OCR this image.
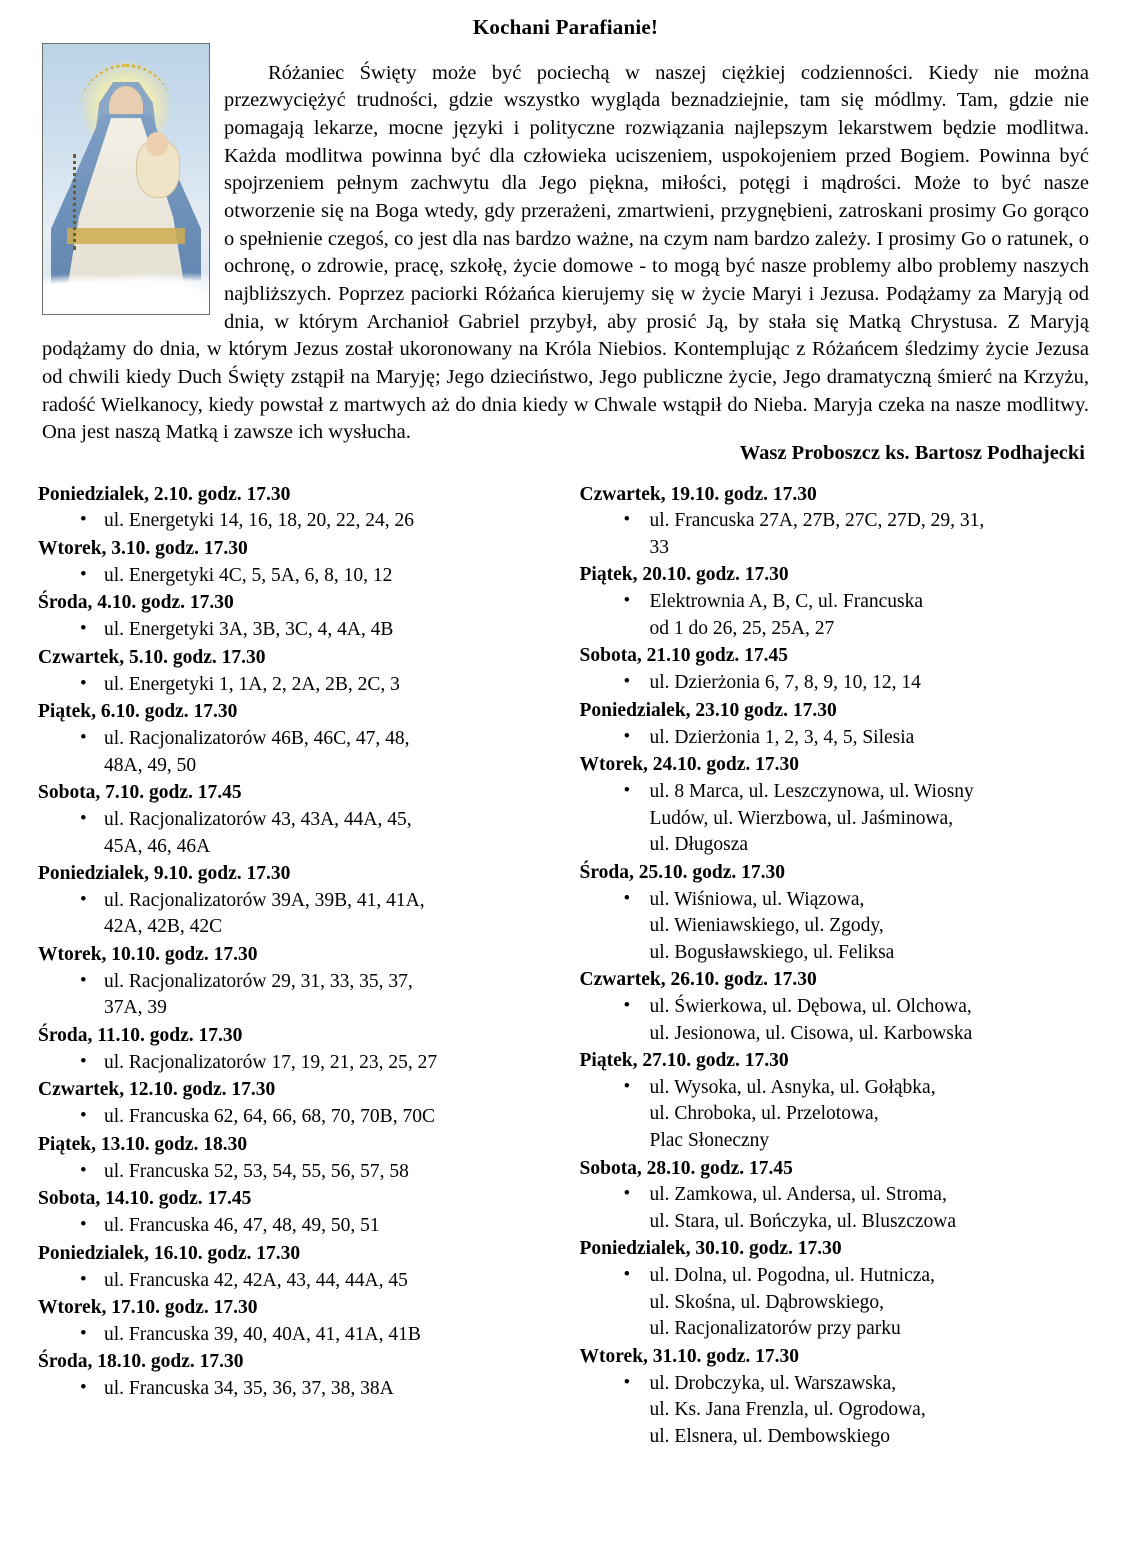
Kochani Parafianie!

Różaniec Święty może być pociechą w naszej ciężkiej codzienności. Kiedy nie można przezwyciężyć trudności, gdzie wszystko wygląda beznadziejnie, tam się módlmy. Tam, gdzie nie pomagają lekarze, mocne języki i polityczne rozwiązania najlepszym lekarstwem będzie modlitwa. Każda modlitwa powinna być dla człowieka uciszeniem, uspokojeniem przed Bogiem. Powinna być spojrzeniem pełnym zachwytu dla Jego piękna, miłości, potęgi i mądrości. Może to być nasze otworzenie się na Boga wtedy, gdy przerażeni, zmartwieni, przygnębieni, zatroskani prosimy Go gorąco o spełnienie czegoś, co jest dla nas bardzo ważne, na czym nam bardzo zależy. I prosimy Go o ratunek, o ochronę, o zdrowie, pracę, szkołę, życie domowe - to mogą być nasze problemy albo problemy naszych najbliższych. Poprzez paciorki Różańca kierujemy się w życie Maryi i Jezusa. Podążamy za Maryją od dnia, w którym Archanioł Gabriel przybył, aby prosić Ją, by stała się Matką Chrystusa. Z Maryją podążamy do dnia, w którym Jezus został ukoronowany na Króla Niebios. Kontemplując z Różańcem śledzimy życie Jezusa od chwili kiedy Duch Święty zstąpił na Maryję; Jego dzieciństwo, Jego publiczne życie, Jego dramatyczną śmierć na Krzyżu, radość Wielkanocy, kiedy powstał z martwych aż do dnia kiedy w Chwale wstąpił do Nieba. Maryja czeka na nasze modlitwy. Ona jest naszą Matką i zawsze ich wysłucha.

Wasz Proboszcz ks. Bartosz Podhajecki
Poniedzialek, 2.10. godz. 17.30
• ul. Energetyki 14, 16, 18, 20, 22, 24, 26
Wtorek, 3.10. godz. 17.30
• ul. Energetyki 4C, 5, 5A, 6, 8, 10, 12
Środa, 4.10. godz. 17.30
• ul. Energetyki 3A, 3B, 3C, 4, 4A, 4B
Czwartek, 5.10. godz. 17.30
• ul. Energetyki 1, 1A, 2, 2A, 2B, 2C, 3
Piątek, 6.10. godz. 17.30
• ul. Racjonalizatorów 46B, 46C, 47, 48,
48A, 49, 50
Sobota, 7.10. godz. 17.45
• ul. Racjonalizatorów 43, 43A, 44A, 45,
45A, 46, 46A
Poniedzialek, 9.10. godz. 17.30
• ul. Racjonalizatorów 39A, 39B, 41, 41A,
42A, 42B, 42C
Wtorek, 10.10. godz. 17.30
• ul. Racjonalizatorów 29, 31, 33, 35, 37,
37A, 39
Środa, 11.10. godz. 17.30
• ul. Racjonalizatorów 17, 19, 21, 23, 25, 27
Czwartek, 12.10. godz. 17.30
• ul. Francuska 62, 64, 66, 68, 70, 70B, 70C
Piątek, 13.10. godz. 18.30
• ul. Francuska 52, 53, 54, 55, 56, 57, 58
Sobota, 14.10. godz. 17.45
• ul. Francuska 46, 47, 48, 49, 50, 51
Poniedzialek, 16.10. godz. 17.30
• ul. Francuska 42, 42A, 43, 44, 44A, 45
Wtorek, 17.10. godz. 17.30
• ul. Francuska 39, 40, 40A, 41, 41A, 41B
Środa, 18.10. godz. 17.30
• ul. Francuska 34, 35, 36, 37, 38, 38A
Czwartek, 19.10. godz. 17.30
• ul. Francuska 27A, 27B, 27C, 27D, 29, 31,
33
Piątek, 20.10. godz. 17.30
• Elektrownia A, B, C, ul. Francuska
od 1 do 26, 25, 25A, 27
Sobota, 21.10 godz. 17.45
• ul. Dzierżonia 6, 7, 8, 9, 10, 12, 14
Poniedzialek, 23.10 godz. 17.30
• ul. Dzierżonia 1, 2, 3, 4, 5, Silesia
Wtorek, 24.10. godz. 17.30
• ul. 8 Marca, ul. Leszczynowa, ul. Wiosny
Ludów, ul. Wierzbowa, ul. Jaśminowa,
ul. Długosza
Środa, 25.10. godz. 17.30
• ul. Wiśniowa, ul. Wiązowa,
ul. Wieniawskiego, ul. Zgody,
ul. Bogusławskiego, ul. Feliksa
Czwartek, 26.10. godz. 17.30
• ul. Świerkowa, ul. Dębowa, ul. Olchowa,
ul. Jesionowa, ul. Cisowa, ul. Karbowska
Piątek, 27.10. godz. 17.30
• ul. Wysoka, ul. Asnyka, ul. Gołąbka,
ul. Chroboka, ul. Przelotowa,
Plac Słoneczny
Sobota, 28.10. godz. 17.45
• ul. Zamkowa, ul. Andersa, ul. Stroma,
ul. Stara, ul. Bończyka, ul. Bluszczowa
Poniedzialek, 30.10. godz. 17.30
• ul. Dolna, ul. Pogodna, ul. Hutnicza,
ul. Skośna, ul. Dąbrowskiego,
ul. Racjonalizatorów przy parku
Wtorek, 31.10. godz. 17.30
• ul. Drobczyka, ul. Warszawska,
ul. Ks. Jana Frenzla, ul. Ogrodowa,
ul. Elsnera, ul. Dembowskiego
